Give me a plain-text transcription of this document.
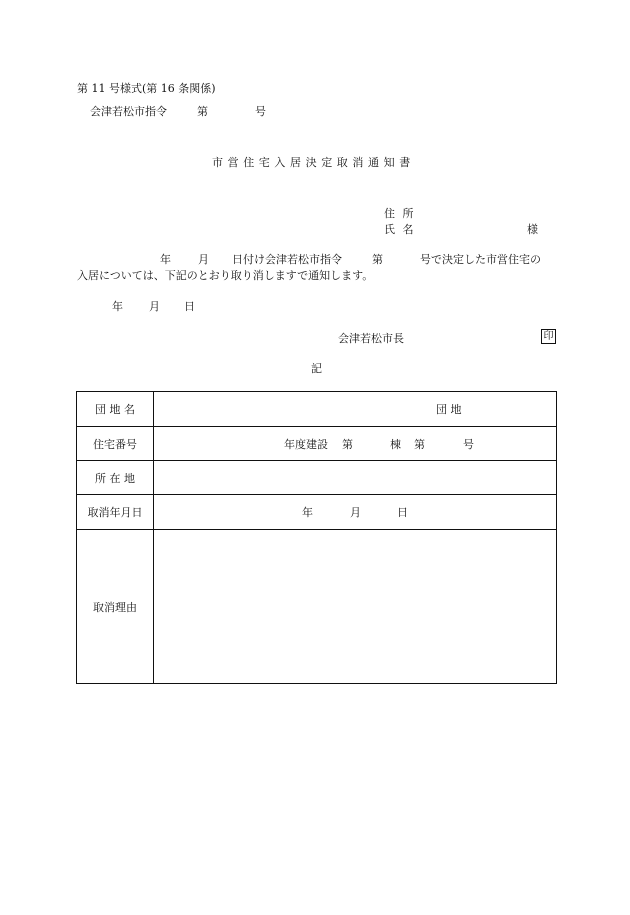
第 11 号様式(第 16 条関係)
会津若松市指令	第	号
市営住宅入居決定取消通知書
住 所
氏 名	様
年 月 日付け会津若松市指令	第	号で決定した市営住宅の
入居については、下記のとおり取り消しますで通知します。
年 月 日
会津若松市長	印
記
団 地 名	団 地

住宅番号	年度建設 第 棟 第 号

所 在 地	
取消年月日	年 月 日

取消理由	
